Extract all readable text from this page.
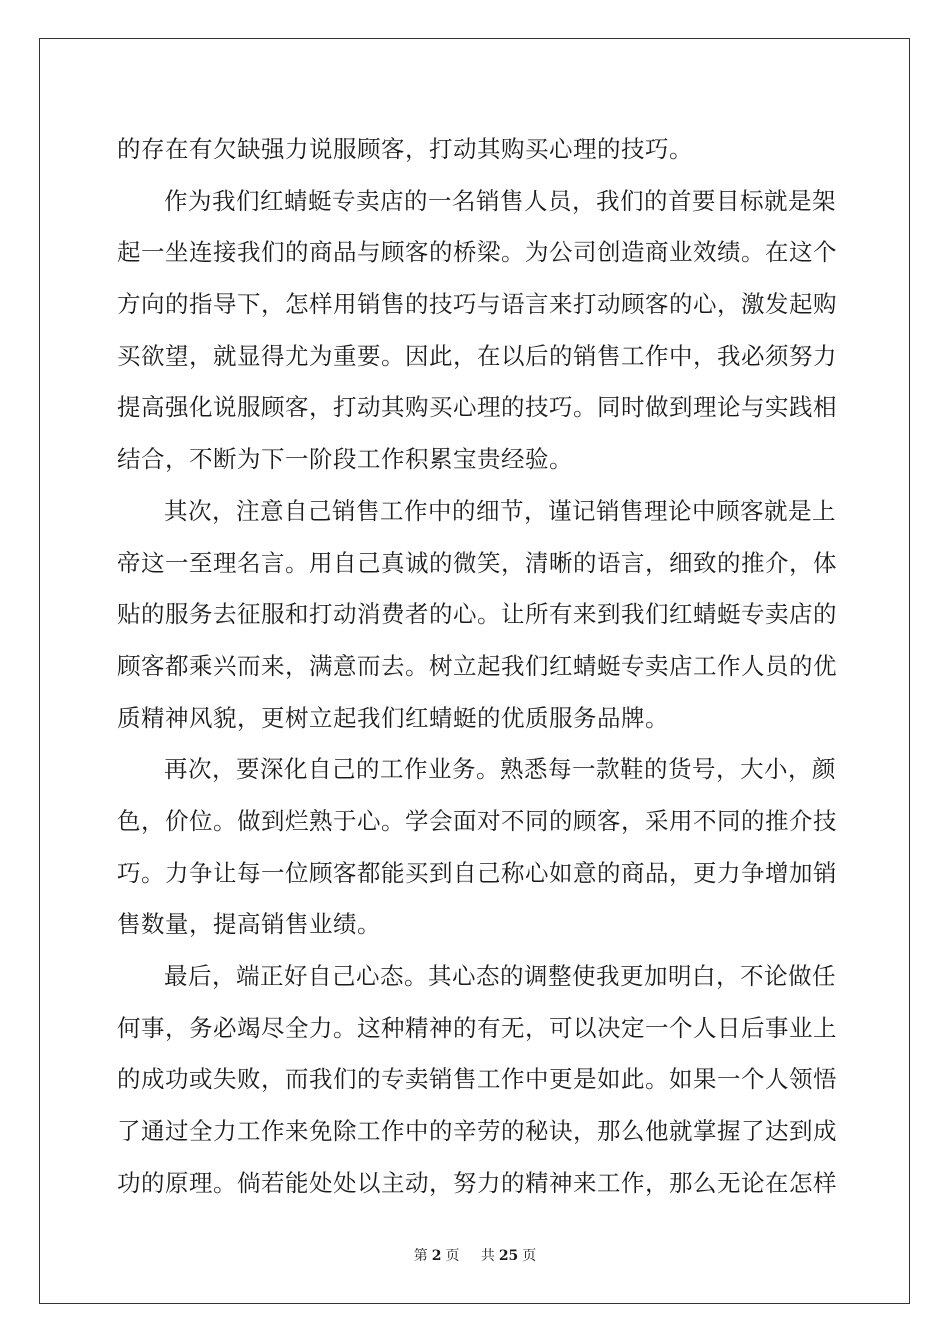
的存在有欠缺强力说服顾客，打动其购买心理的技巧。
作为我们红蜻蜓专卖店的一名销售人员，我们的首要目标就是架
起一坐连接我们的商品与顾客的桥梁。为公司创造商业效绩。在这个
方向的指导下，怎样用销售的技巧与语言来打动顾客的心，激发起购
买欲望，就显得尤为重要。因此，在以后的销售工作中，我必须努力
提高强化说服顾客，打动其购买心理的技巧。同时做到理论与实践相
结合，不断为下一阶段工作积累宝贵经验。
其次，注意自己销售工作中的细节，谨记销售理论中顾客就是上
帝这一至理名言。用自己真诚的微笑，清晰的语言，细致的推介，体
贴的服务去征服和打动消费者的心。让所有来到我们红蜻蜓专卖店的
顾客都乘兴而来，满意而去。树立起我们红蜻蜓专卖店工作人员的优
质精神风貌，更树立起我们红蜻蜓的优质服务品牌。
再次，要深化自己的工作业务。熟悉每一款鞋的货号，大小，颜
色，价位。做到烂熟于心。学会面对不同的顾客，采用不同的推介技
巧。力争让每一位顾客都能买到自己称心如意的商品，更力争增加销
售数量，提高销售业绩。
最后，端正好自己心态。其心态的调整使我更加明白，不论做任
何事，务必竭尽全力。这种精神的有无，可以决定一个人日后事业上
的成功或失败，而我们的专卖销售工作中更是如此。如果一个人领悟
了通过全力工作来免除工作中的辛劳的秘诀，那么他就掌握了达到成
功的原理。倘若能处处以主动，努力的精神来工作，那么无论在怎样
第 2 页 共 25 页
